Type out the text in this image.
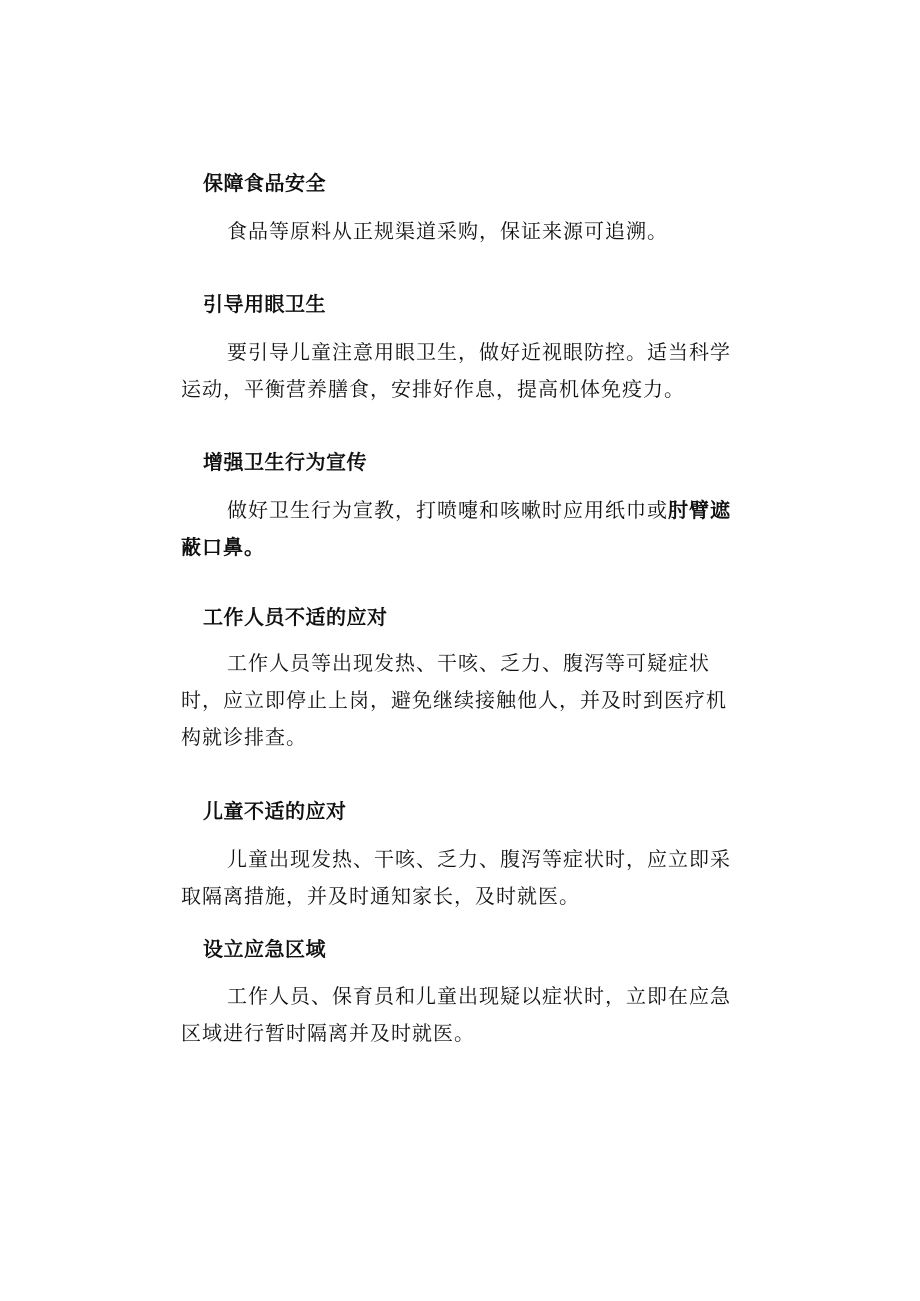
保障食品安全

食品等原料从正规渠道采购，保证来源可追溯。

引导用眼卫生

要引导儿童注意用眼卫生，做好近视眼防控。适当科学运动，平衡营养膳食，安排好作息，提高机体免疫力。

增强卫生行为宣传

做好卫生行为宣教，打喷嚏和咳嗽时应用纸巾或肘臂遮蔽口鼻。

工作人员不适的应对

工作人员等出现发热、干咳、乏力、腹泻等可疑症状时，应立即停止上岗，避免继续接触他人，并及时到医疗机构就诊排查。

儿童不适的应对

儿童出现发热、干咳、乏力、腹泻等症状时，应立即采取隔离措施，并及时通知家长，及时就医。

设立应急区域

工作人员、保育员和儿童出现疑以症状时，立即在应急区域进行暂时隔离并及时就医。
